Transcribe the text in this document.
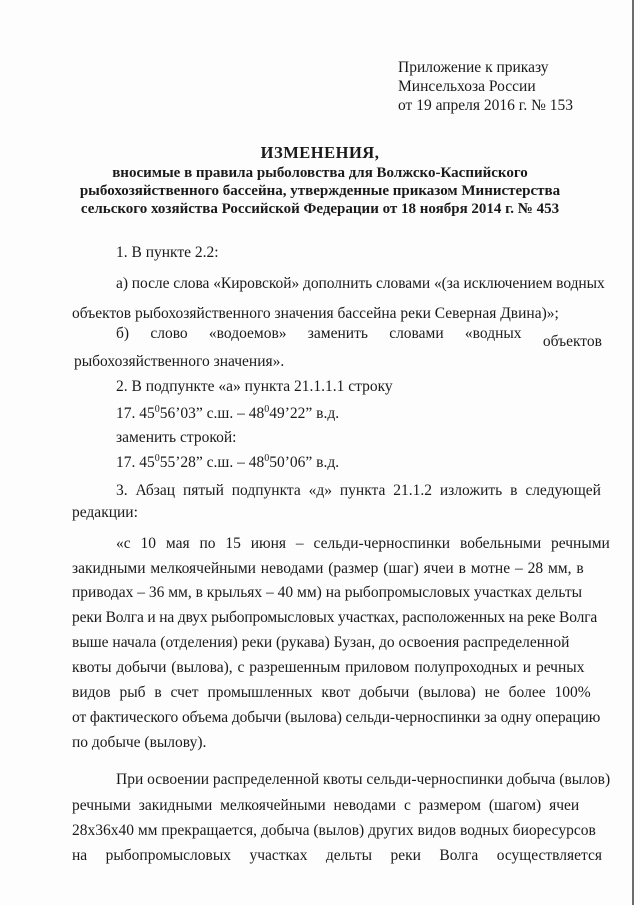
Приложение к приказу
Минсельхоза России
от 19 апреля 2016 г. № 153
ИЗМЕНЕНИЯ,
вносимые в правила рыболовства для Волжско-Каспийского
рыбохозяйственного бассейна, утвержденные приказом Министерства
сельского хозяйства Российской Федерации от 18 ноября 2014 г. № 453
1. В пункте 2.2:
а) после слова «Кировской» дополнить словами «(за исключением водных
объектов рыбохозяйственного значения бассейна реки Северная Двина)»;
б) слово «водоемов» заменить словами «водных объектов
рыбохозяйственного значения».
2. В подпункте «а» пункта 21.1.1.1 строку
17. $45^056’03$” с.ш. – $48^049’22$” в.д.
заменить строкой:
17. $45^055’28$” с.ш. – $48^050’06$” в.д.
3. Абзац пятый подпункта «д» пункта 21.1.2 изложить в следующей
редакции:
«с 10 мая по 15 июня – сельди-черноспинки вобельными речными
закидными мелкоячейными неводами (размер (шаг) ячеи в мотне – 28 мм, в
приводах – 36 мм, в крыльях – 40 мм) на рыбопромысловых участках дельты
реки Волга и на двух рыбопромысловых участках, расположенных на реке Волга
выше начала (отделения) реки (рукава) Бузан, до освоения распределенной
квоты добычи (вылова), с разрешенным приловом полупроходных и речных
видов рыб в счет промышленных квот добычи (вылова) не более 100%
от фактического объема добычи (вылова) сельди-черноспинки за одну операцию
по добыче (вылову).
При освоении распределенной квоты сельди-черноспинки добыча (вылов)
речными закидными мелкоячейными неводами с размером (шагом) ячеи
28х36х40 мм прекращается, добыча (вылов) других видов водных биоресурсов
на рыбопромысловых участках дельты реки Волга осуществляется
